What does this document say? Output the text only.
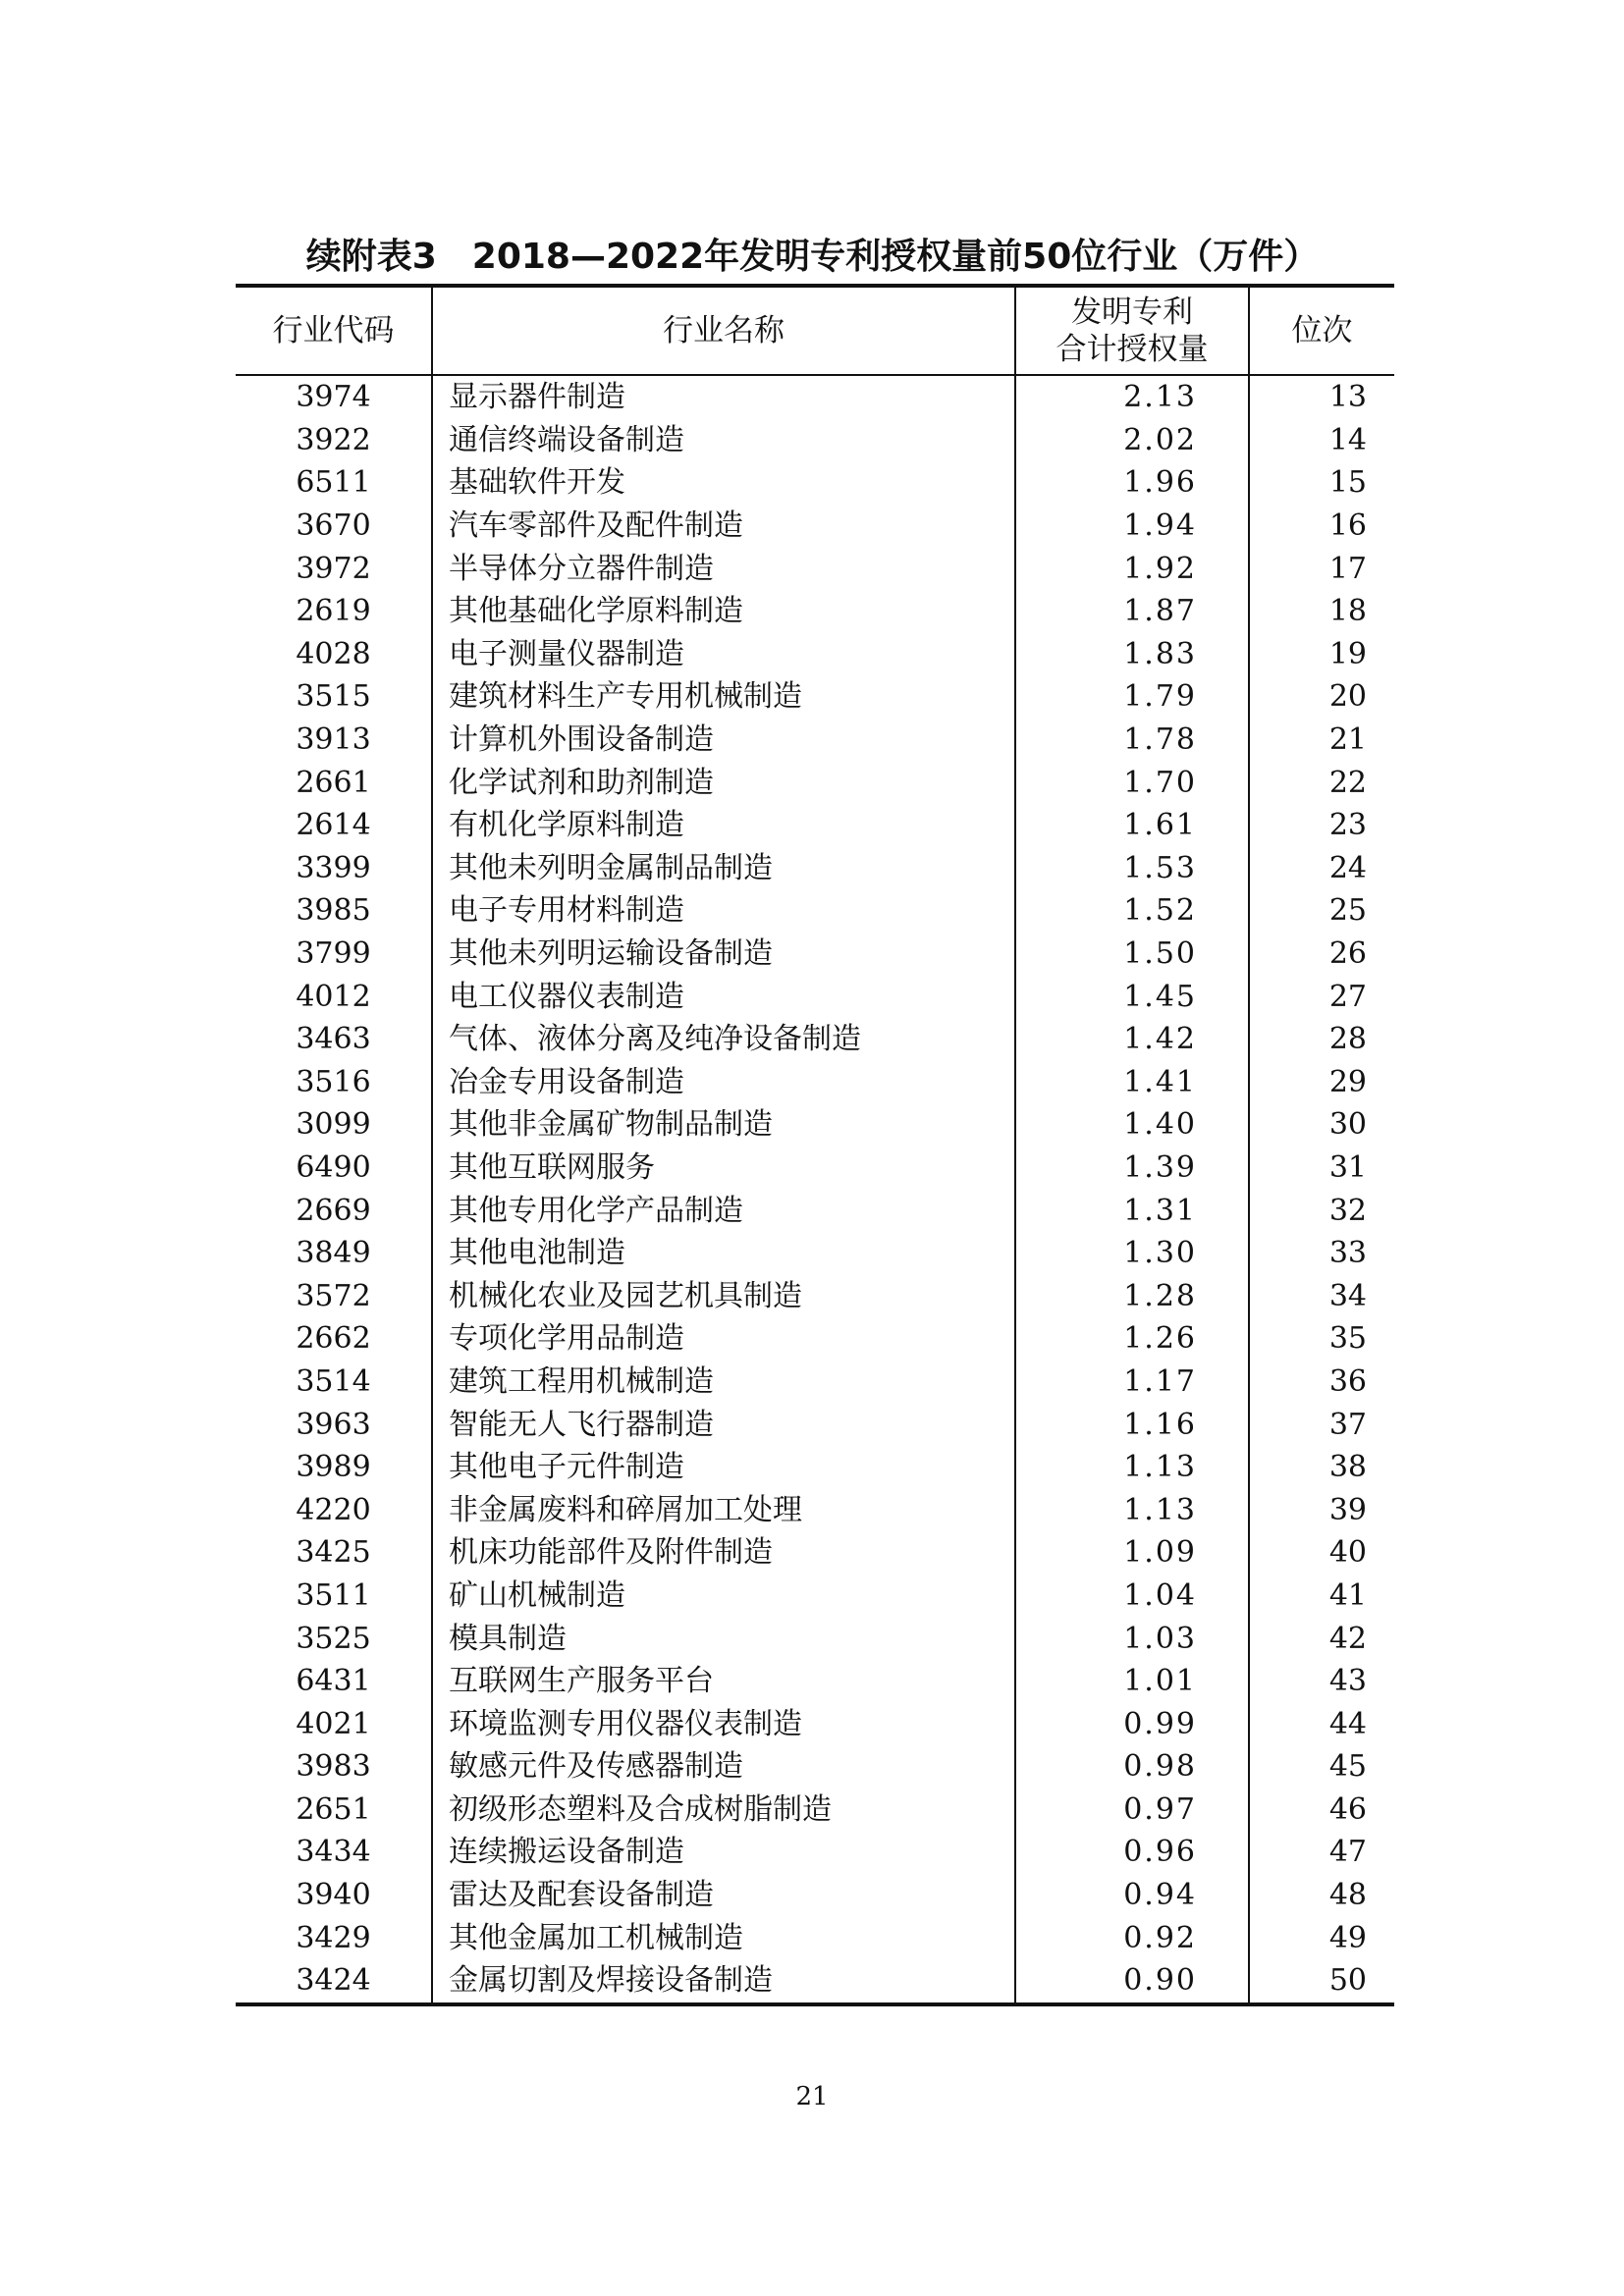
续附表3　2018—2022年发明专利授权量前50位行业（万件）
行业代码	行业名称	发明专利
合计授权量	位次
3974	显示器件制造	2.13	13
3922	通信终端设备制造	2.02	14
6511	基础软件开发	1.96	15
3670	汽车零部件及配件制造	1.94	16
3972	半导体分立器件制造	1.92	17
2619	其他基础化学原料制造	1.87	18
4028	电子测量仪器制造	1.83	19
3515	建筑材料生产专用机械制造	1.79	20
3913	计算机外围设备制造	1.78	21
2661	化学试剂和助剂制造	1.70	22
2614	有机化学原料制造	1.61	23
3399	其他未列明金属制品制造	1.53	24
3985	电子专用材料制造	1.52	25
3799	其他未列明运输设备制造	1.50	26
4012	电工仪器仪表制造	1.45	27
3463	气体、液体分离及纯净设备制造	1.42	28
3516	冶金专用设备制造	1.41	29
3099	其他非金属矿物制品制造	1.40	30
6490	其他互联网服务	1.39	31
2669	其他专用化学产品制造	1.31	32
3849	其他电池制造	1.30	33
3572	机械化农业及园艺机具制造	1.28	34
2662	专项化学用品制造	1.26	35
3514	建筑工程用机械制造	1.17	36
3963	智能无人飞行器制造	1.16	37
3989	其他电子元件制造	1.13	38
4220	非金属废料和碎屑加工处理	1.13	39
3425	机床功能部件及附件制造	1.09	40
3511	矿山机械制造	1.04	41
3525	模具制造	1.03	42
6431	互联网生产服务平台	1.01	43
4021	环境监测专用仪器仪表制造	0.99	44
3983	敏感元件及传感器制造	0.98	45
2651	初级形态塑料及合成树脂制造	0.97	46
3434	连续搬运设备制造	0.96	47
3940	雷达及配套设备制造	0.94	48
3429	其他金属加工机械制造	0.92	49
3424	金属切割及焊接设备制造	0.90	50
21
